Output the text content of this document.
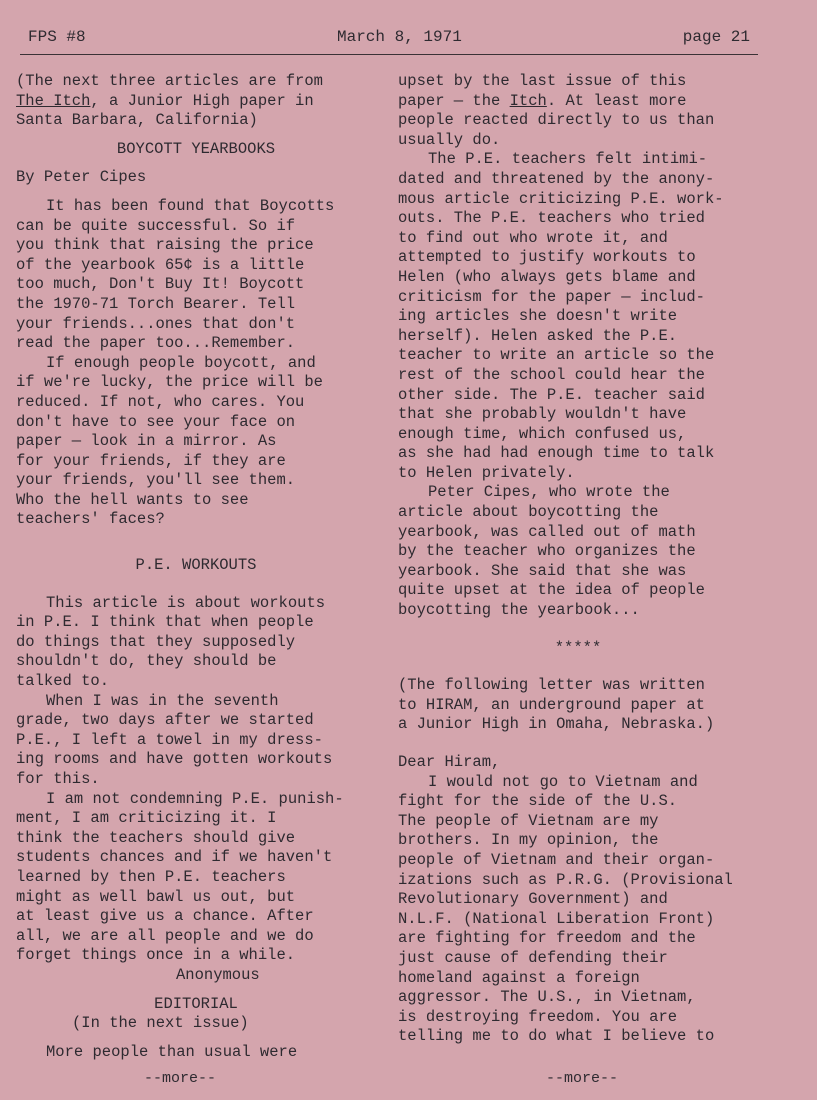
FPS #8	March 8, 1971	page 21

(The next three articles are from

The Itch, a Junior High paper in

Santa Barbara, California)

BOYCOTT YEARBOOKS

By Peter Cipes

It has been found that Boycotts

can be quite successful. So if

you think that raising the price

of the yearbook 65¢ is a little

too much, Don't Buy It! Boycott

the 1970-71 Torch Bearer. Tell

your friends...ones that don't

read the paper too...Remember.

If enough people boycott, and

if we're lucky, the price will be

reduced. If not, who cares. You

don't have to see your face on

paper — look in a mirror. As

for your friends, if they are

your friends, you'll see them.

Who the hell wants to see

teachers' faces?

P.E. WORKOUTS

This article is about workouts

in P.E. I think that when people

do things that they supposedly

shouldn't do, they should be

talked to.

When I was in the seventh

grade, two days after we started

P.E., I left a towel in my dress-

ing rooms and have gotten workouts

for this.

I am not condemning P.E. punish-

ment, I am criticizing it. I

think the teachers should give

students chances and if we haven't

learned by then P.E. teachers

might as well bawl us out, but

at least give us a chance. After

all, we are all people and we do

forget things once in a while.

Anonymous

EDITORIAL

(In the next issue)

More people than usual were

upset by the last issue of this

paper — the Itch. At least more

people reacted directly to us than

usually do.

The P.E. teachers felt intimi-

dated and threatened by the anony-

mous article criticizing P.E. work-

outs. The P.E. teachers who tried

to find out who wrote it, and

attempted to justify workouts to

Helen (who always gets blame and

criticism for the paper — includ-

ing articles she doesn't write

herself). Helen asked the P.E.

teacher to write an article so the

rest of the school could hear the

other side. The P.E. teacher said

that she probably wouldn't have

enough time, which confused us,

as she had had enough time to talk

to Helen privately.

Peter Cipes, who wrote the

article about boycotting the

yearbook, was called out of math

by the teacher who organizes the

yearbook. She said that she was

quite upset at the idea of people

boycotting the yearbook...

*****

(The following letter was written

to HIRAM, an underground paper at

a Junior High in Omaha, Nebraska.)

Dear Hiram,

I would not go to Vietnam and

fight for the side of the U.S.

The people of Vietnam are my

brothers. In my opinion, the

people of Vietnam and their organ-

izations such as P.R.G. (Provisional

Revolutionary Government) and

N.L.F. (National Liberation Front)

are fighting for freedom and the

just cause of defending their

homeland against a foreign

aggressor. The U.S., in Vietnam,

is destroying freedom. You are

telling me to do what I believe to

--more--	--more--
